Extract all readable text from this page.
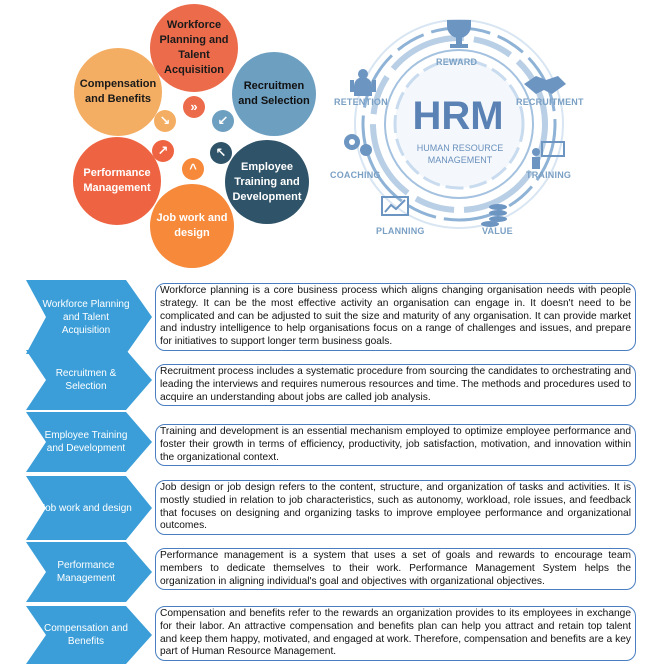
Workforce Planning and Talent Acquisition
Recruitmen and Selection
Employee Training and Development
Job work and design
Performance Management
Compensation and Benefits	»
↙
↖
^
↗
↘	HRM
HUMAN RESOURCE
MANAGEMENT
REWARD
RETENTION	RECRUITMENT
COACHING	TRAINING
PLANNING	VALUE
Workforce Planning and Talent Acquisition
Workforce planning is a core business process which aligns changing organisation needs with people strategy. It can be the most effective activity an organisation can engage in. It doesn't need to be complicated and can be adjusted to suit the size and maturity of any organisation. It can provide market and industry intelligence to help organisations focus on a range of challenges and issues, and prepare for initiatives to support longer term business goals.
Recruitmen & Selection
Recruitment process includes a systematic procedure from sourcing the candidates to orchestrating and leading the interviews and requires numerous resources and time. The methods and procedures used to acquire an understanding about jobs are called job analysis.
Employee Training and Development
Training and development is an essential mechanism employed to optimize employee performance and foster their growth in terms of efficiency, productivity, job satisfaction, motivation, and innovation within the organizational context.
Job work and design
Job design or job design refers to the content, structure, and organization of tasks and activities. It is mostly studied in relation to job characteristics, such as autonomy, workload, role issues, and feedback that focuses on designing and organizing tasks to improve employee performance and organizational outcomes.
Performance Management
Performance management is a system that uses a set of goals and rewards to encourage team members to dedicate themselves to their work. Performance Management System helps the organization in aligning individual's goal and objectives with organizational objectives.
Compensation and Benefits
Compensation and benefits refer to the rewards an organization provides to its employees in exchange for their labor. An attractive compensation and benefits plan can help you attract and retain top talent and keep them happy, motivated, and engaged at work. Therefore, compensation and benefits are a key part of Human Resource Management.
